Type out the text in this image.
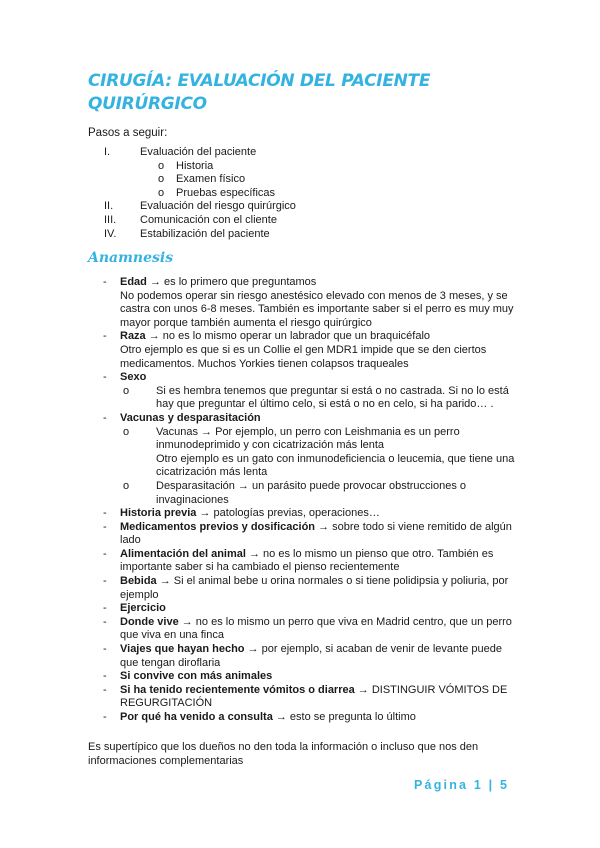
CIRUGÍA: EVALUACIÓN DEL PACIENTE QUIRÚRGICO
Pasos a seguir:
I.	Evaluación del paciente
o Historia
o Examen físico
o Pruebas específicas
II. Evaluación del riesgo quirúrgico
III. Comunicación con el cliente
IV. Estabilización del paciente
Anamnesis
- Edad → es lo primero que preguntamos
No podemos operar sin riesgo anestésico elevado con menos de 3 meses, y se castra con unos 6-8 meses. También es importante saber si el perro es muy muy mayor porque también aumenta el riesgo quirúrgico
- Raza → no es lo mismo operar un labrador que un braquicéfalo
Otro ejemplo es que si es un Collie el gen MDR1 impide que se den ciertos medicamentos. Muchos Yorkies tienen colapsos traqueales
- Sexo
o Si es hembra tenemos que preguntar si está o no castrada. Si no lo está hay que preguntar el último celo, si está o no en celo, si ha parido… .
- Vacunas y desparasitación
o Vacunas → Por ejemplo, un perro con Leishmania es un perro inmunodeprimido y con cicatrización más lenta
Otro ejemplo es un gato con inmunodeficiencia o leucemia, que tiene una cicatrización más lenta
o Desparasitación → un parásito puede provocar obstrucciones o invaginaciones
- Historia previa → patologías previas, operaciones…
- Medicamentos previos y dosificación → sobre todo si viene remitido de algún lado
- Alimentación del animal → no es lo mismo un pienso que otro. También es importante saber si ha cambiado el pienso recientemente
- Bebida → Si el animal bebe u orina normales o si tiene polidipsia y poliuria, por ejemplo
- Ejercicio
- Donde vive → no es lo mismo un perro que viva en Madrid centro, que un perro que viva en una finca
- Viajes que hayan hecho → por ejemplo, si acaban de venir de levante puede que tengan diroflaria
- Si convive con más animales
- Si ha tenido recientemente vómitos o diarrea → DISTINGUIR VÓMITOS DE REGURGITACIÓN
- Por qué ha venido a consulta → esto se pregunta lo último
Es supertípico que los dueños no den toda la información o incluso que nos den informaciones complementarias
Página 1 | 5
